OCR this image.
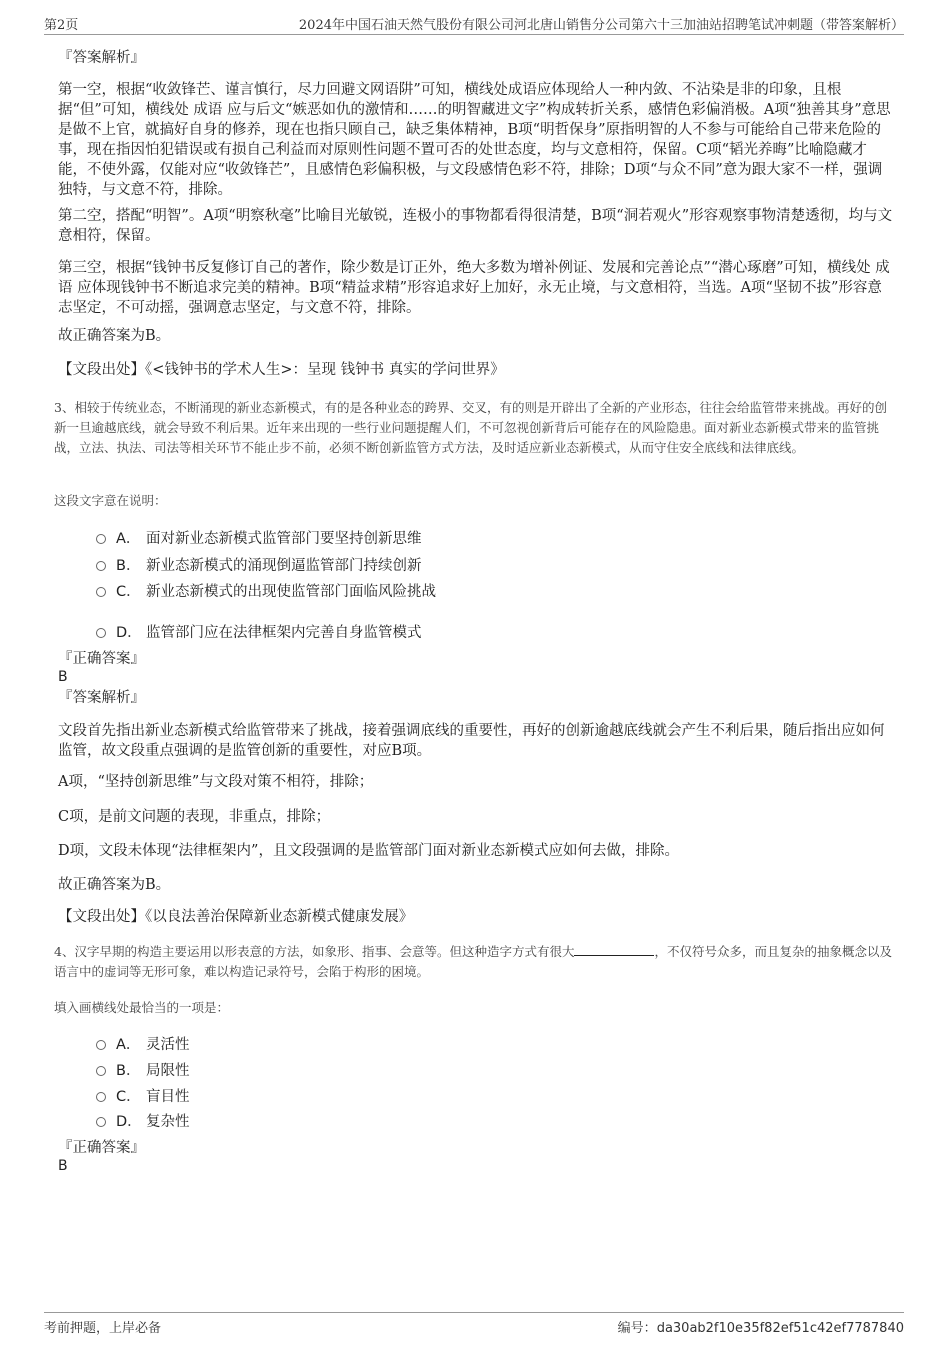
第2页	2024年中国石油天然气股份有限公司河北唐山销售分公司第六十三加油站招聘笔试冲刺题（带答案解析）
『答案解析』
第一空，根据“收敛锋芒、谨言慎行，尽力回避文网语阱”可知，横线处成语应体现给人一种内敛、不沾染是非的印象，且根据“但”可知，横线处 成语 应与后文“嫉恶如仇的激情和……的明智藏进文字”构成转折关系，感情色彩偏消极。A项“独善其身”意思是做不上官，就搞好自身的修养，现在也指只顾自己，缺乏集体精神，B项“明哲保身”原指明智的人不参与可能给自己带来危险的事，现在指因怕犯错误或有损自己利益而对原则性问题不置可否的处世态度，均与文意相符，保留。C项“韬光养晦”比喻隐藏才能，不使外露，仅能对应“收敛锋芒”，且感情色彩偏积极，与文段感情色彩不符，排除；D项“与众不同”意为跟大家不一样，强调独特，与文意不符，排除。
第二空，搭配“明智”。A项“明察秋毫”比喻目光敏锐，连极小的事物都看得很清楚，B项“洞若观火”形容观察事物清楚透彻，均与文意相符，保留。
第三空，根据“钱钟书反复修订自己的著作，除少数是订正外，绝大多数为增补例证、发展和完善论点”“潜心琢磨”可知，横线处 成语 应体现钱钟书不断追求完美的精神。B项“精益求精”形容追求好上加好，永无止境，与文意相符，当选。A项“坚韧不拔”形容意志坚定，不可动摇，强调意志坚定，与文意不符，排除。
故正确答案为B。
【文段出处】《<钱钟书的学术人生>：呈现 钱钟书 真实的学问世界》
3、相较于传统业态，不断涌现的新业态新模式，有的是各种业态的跨界、交叉，有的则是开辟出了全新的产业形态，往往会给监管带来挑战。再好的创新一旦逾越底线，就会导致不利后果。近年来出现的一些行业问题提醒人们，不可忽视创新背后可能存在的风险隐患。面对新业态新模式带来的监管挑战，立法、执法、司法等相关环节不能止步不前，必须不断创新监管方式方法，及时适应新业态新模式，从而守住安全底线和法律底线。
这段文字意在说明：
A． 面对新业态新模式监管部门要坚持创新思维
B． 新业态新模式的涌现倒逼监管部门持续创新
C． 新业态新模式的出现使监管部门面临风险挑战
D． 监管部门应在法律框架内完善自身监管模式
『正确答案』
B
『答案解析』
文段首先指出新业态新模式给监管带来了挑战，接着强调底线的重要性，再好的创新逾越底线就会产生不利后果，随后指出应如何监管，故文段重点强调的是监管创新的重要性，对应B项。
A项，“坚持创新思维”与文段对策不相符，排除；
C项，是前文问题的表现，非重点，排除；
D项，文段未体现“法律框架内”，且文段强调的是监管部门面对新业态新模式应如何去做，排除。
故正确答案为B。
【文段出处】《以良法善治保障新业态新模式健康发展》
4、汉字早期的构造主要运用以形表意的方法，如象形、指事、会意等。但这种造字方式有很大	，不仅符号众多，而且复杂的抽象概念以及语言中的虚词等无形可象，难以构造记录符号，会陷于构形的困境。
填入画横线处最恰当的一项是：
A． 灵活性
B． 局限性
C． 盲目性
D． 复杂性
『正确答案』
B
考前押题，上岸必备	编号：da30ab2f10e35f82ef51c42ef7787840
